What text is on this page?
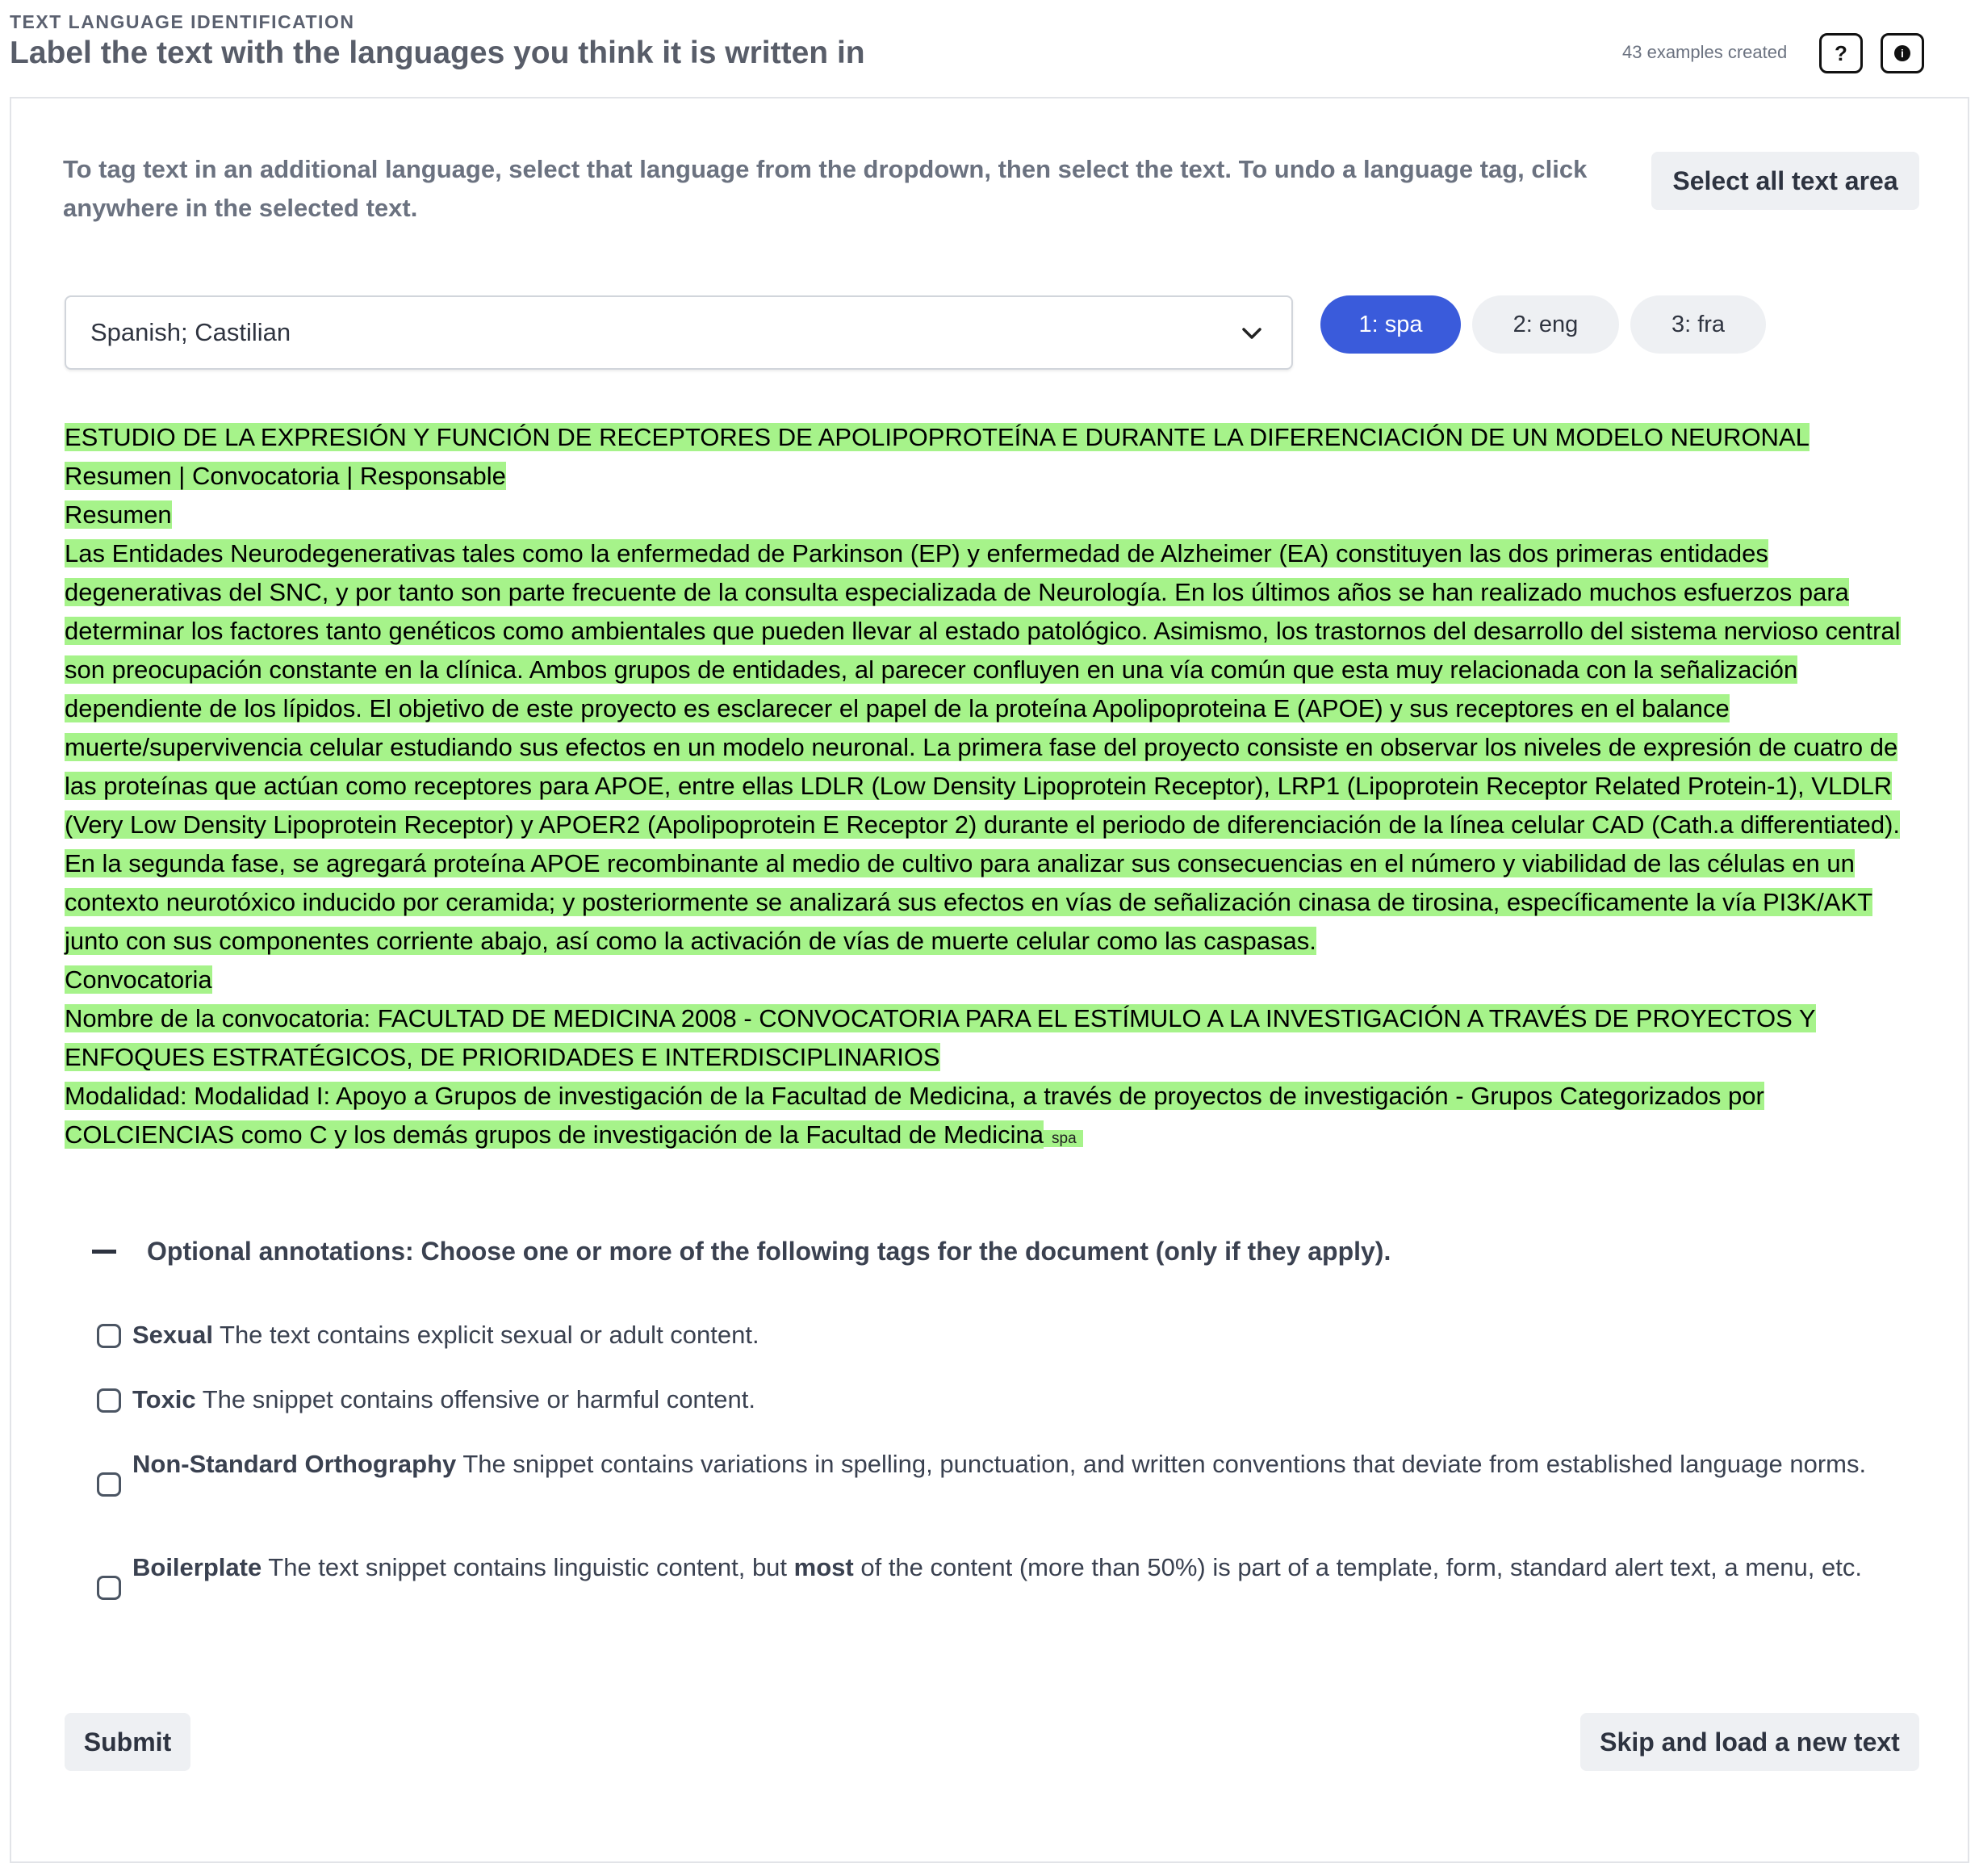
TEXT LANGUAGE IDENTIFICATION
Label the text with the languages you think it is written in	43 examples created ?	i
To tag text in an additional language, select that language from the dropdown, then select the text. To undo a language tag, click anywhere in the selected text.
Select all text area
Spanish; Castilian	1: spa	2: eng	3: fra
ESTUDIO DE LA EXPRESIÓN Y FUNCIÓN DE RECEPTORES DE APOLIPOPROTEÍNA E DURANTE LA DIFERENCIACIÓN DE UN MODELO NEURONAL
Resumen | Convocatoria | Responsable
Resumen
Las Entidades Neurodegenerativas tales como la enfermedad de Parkinson (EP) y enfermedad de Alzheimer (EA) constituyen las dos primeras entidades degenerativas del SNC, y por tanto son parte frecuente de la consulta especializada de Neurología. En los últimos años se han realizado muchos esfuerzos para determinar los factores tanto genéticos como ambientales que pueden llevar al estado patológico. Asimismo, los trastornos del desarrollo del sistema nervioso central son preocupación constante en la clínica. Ambos grupos de entidades, al parecer confluyen en una vía común que esta muy relacionada con la señalización dependiente de los lípidos. El objetivo de este proyecto es esclarecer el papel de la proteína Apolipoproteina E (APOE) y sus receptores en el balance muerte/supervivencia celular estudiando sus efectos en un modelo neuronal. La primera fase del proyecto consiste en observar los niveles de expresión de cuatro de las proteínas que actúan como receptores para APOE, entre ellas LDLR (Low Density Lipoprotein Receptor), LRP1 (Lipoprotein Receptor Related Protein-1), VLDLR (Very Low Density Lipoprotein Receptor) y APOER2 (Apolipoprotein E Receptor 2) durante el periodo de diferenciación de la línea celular CAD (Cath.a differentiated). En la segunda fase, se agregará proteína APOE recombinante al medio de cultivo para analizar sus consecuencias en el número y viabilidad de las células en un contexto neurotóxico inducido por ceramida; y posteriormente se analizará sus efectos en vías de señalización cinasa de tirosina, específicamente la vía PI3K/AKT junto con sus componentes corriente abajo, así como la activación de vías de muerte celular como las caspasas.
Convocatoria
Nombre de la convocatoria: FACULTAD DE MEDICINA 2008 - CONVOCATORIA PARA EL ESTÍMULO A LA INVESTIGACIÓN A TRAVÉS DE PROYECTOS Y ENFOQUES ESTRATÉGICOS, DE PRIORIDADES E INTERDISCIPLINARIOS
Modalidad: Modalidad I: Apoyo a Grupos de investigación de la Facultad de Medicina, a través de proyectos de investigación - Grupos Categorizados por COLCIENCIAS como C y los demás grupos de investigación de la Facultad de Medicina spa
Optional annotations: Choose one or more of the following tags for the document (only if they apply).
Sexual The text contains explicit sexual or adult content.
Toxic The snippet contains offensive or harmful content.
Non-Standard Orthography The snippet contains variations in spelling, punctuation, and written conventions that deviate from established language norms.
Boilerplate The text snippet contains linguistic content, but most of the content (more than 50%) is part of a template, form, standard alert text, a menu, etc.
Submit	Skip and load a new text
